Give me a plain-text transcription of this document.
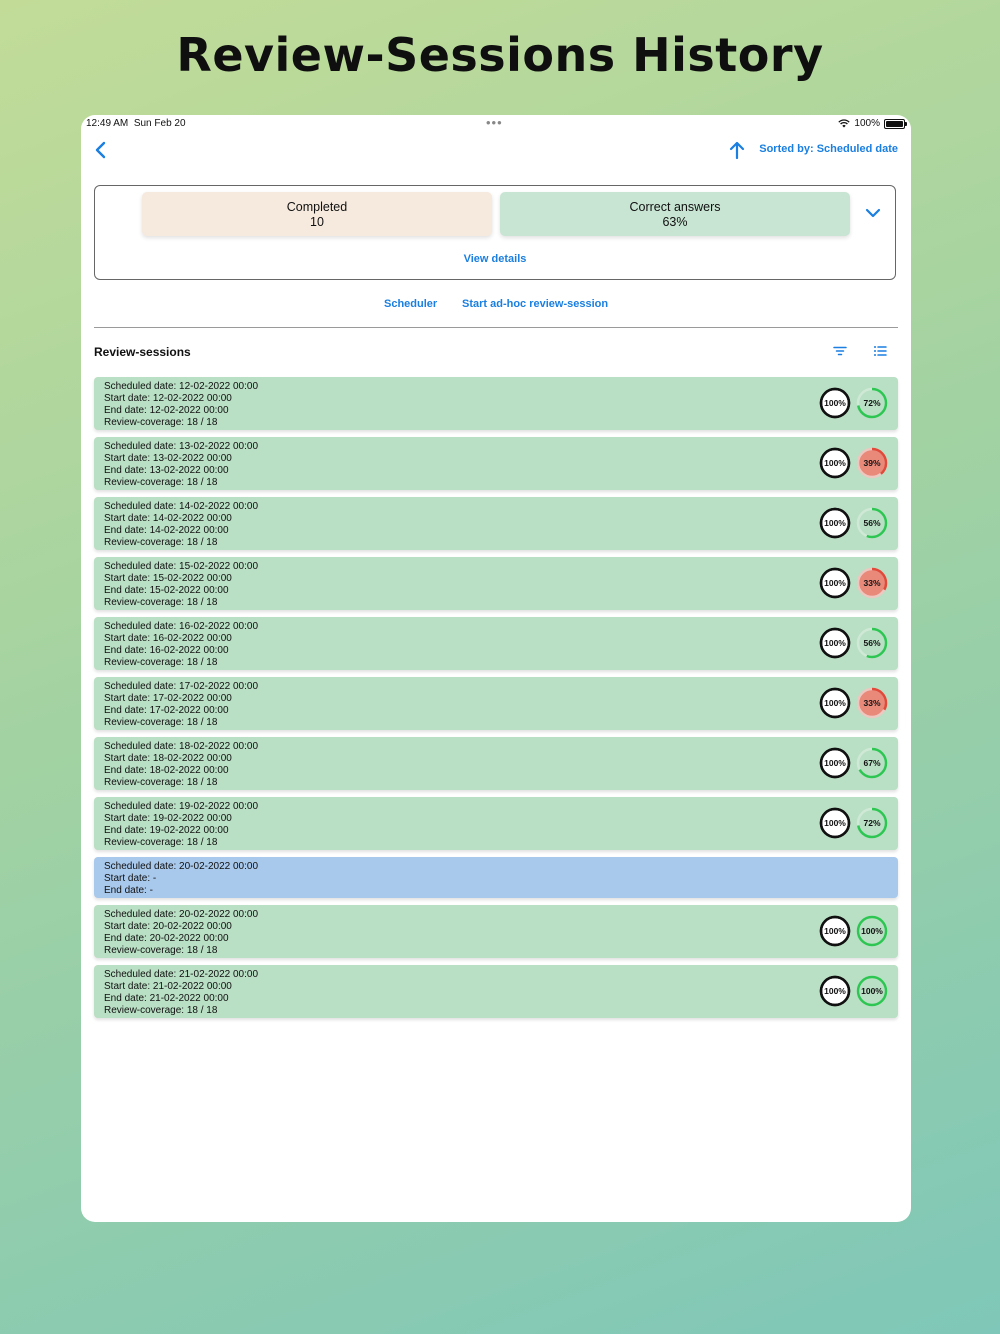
Review-Sessions History
12:49 AM Sun Feb 20	•••	100%
Sorted by: Scheduled date
Completed
10
Correct answers
63%
View details
Scheduler Start ad-hoc review-session
Review-sessions
Scheduled date: 12-02-2022 00:00
Start date: 12-02-2022 00:00
End date: 12-02-2022 00:00
Review-coverage: 18 / 18
100%	72%
Scheduled date: 13-02-2022 00:00
Start date: 13-02-2022 00:00
End date: 13-02-2022 00:00
Review-coverage: 18 / 18
100%	39%
Scheduled date: 14-02-2022 00:00
Start date: 14-02-2022 00:00
End date: 14-02-2022 00:00
Review-coverage: 18 / 18
100%	56%
Scheduled date: 15-02-2022 00:00
Start date: 15-02-2022 00:00
End date: 15-02-2022 00:00
Review-coverage: 18 / 18
100%	33%
Scheduled date: 16-02-2022 00:00
Start date: 16-02-2022 00:00
End date: 16-02-2022 00:00
Review-coverage: 18 / 18
100%	56%
Scheduled date: 17-02-2022 00:00
Start date: 17-02-2022 00:00
End date: 17-02-2022 00:00
Review-coverage: 18 / 18
100%	33%
Scheduled date: 18-02-2022 00:00
Start date: 18-02-2022 00:00
End date: 18-02-2022 00:00
Review-coverage: 18 / 18
100%	67%
Scheduled date: 19-02-2022 00:00
Start date: 19-02-2022 00:00
End date: 19-02-2022 00:00
Review-coverage: 18 / 18
100%	72%
Scheduled date: 20-02-2022 00:00
Start date: -
End date: -
Scheduled date: 20-02-2022 00:00
Start date: 20-02-2022 00:00
End date: 20-02-2022 00:00
Review-coverage: 18 / 18
100%	100%
Scheduled date: 21-02-2022 00:00
Start date: 21-02-2022 00:00
End date: 21-02-2022 00:00
Review-coverage: 18 / 18
100%	100%
